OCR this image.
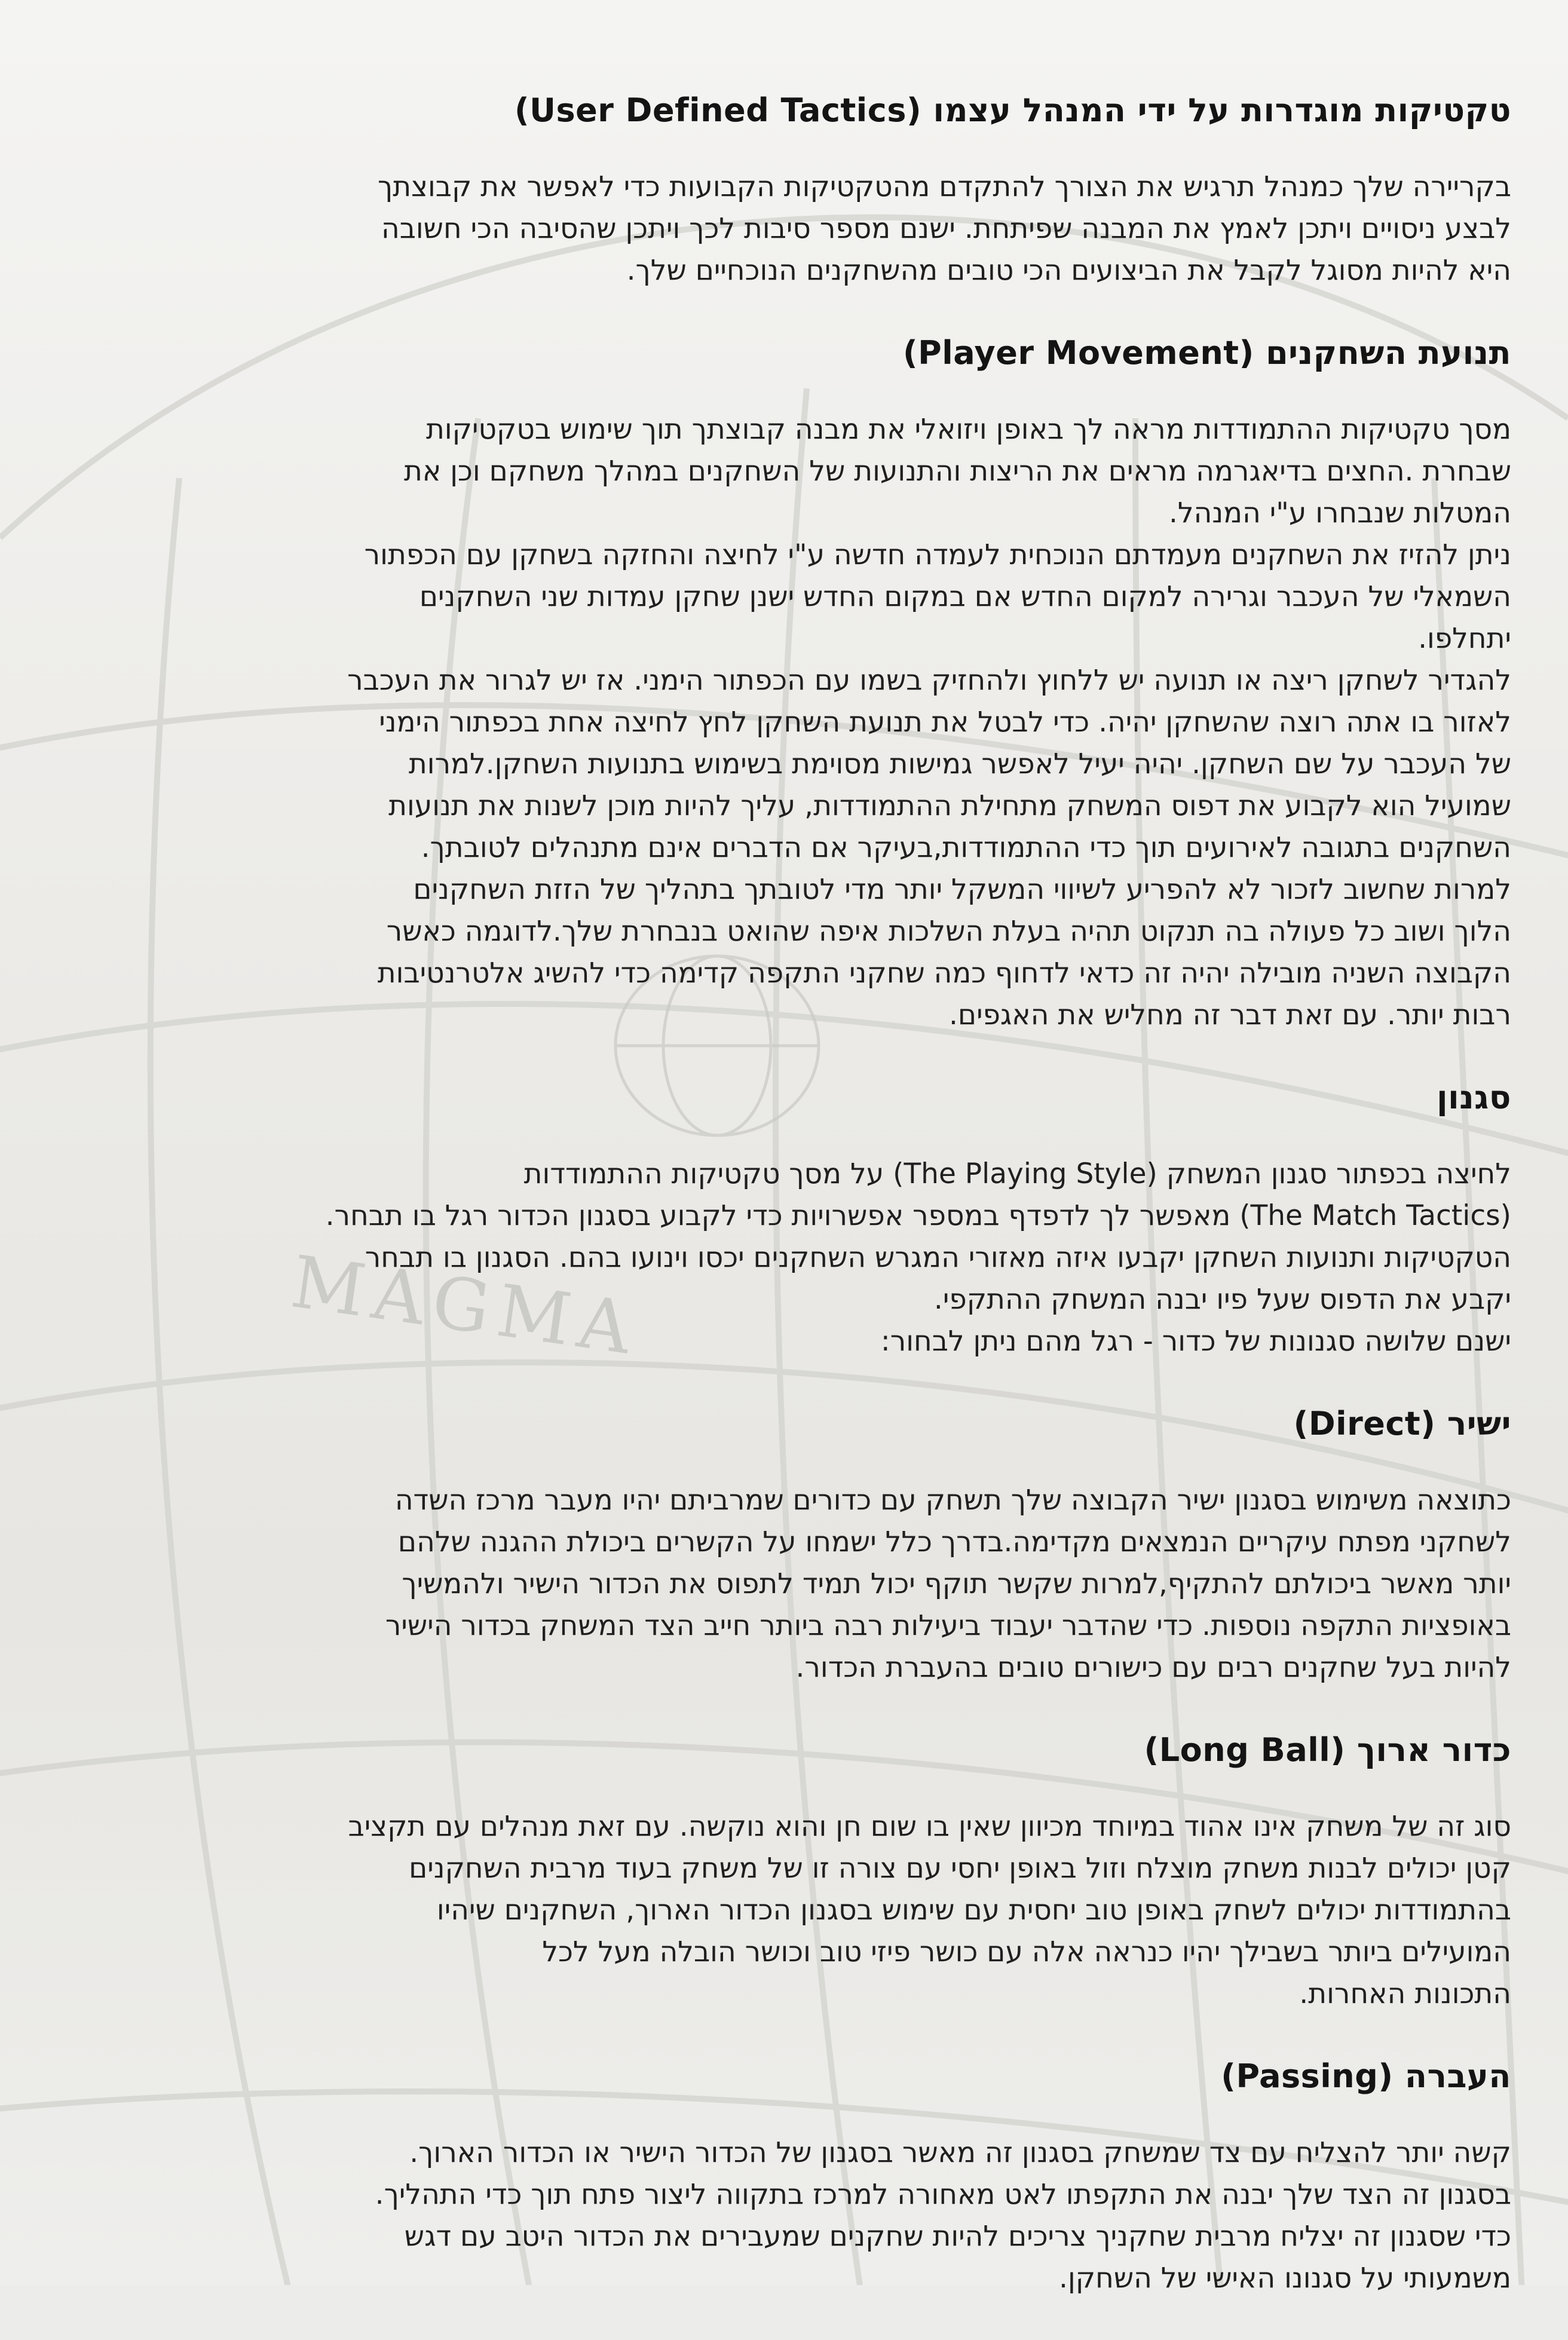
MAGMA
טקטיקות מוגדרות על ידי המנהל עצמו (User Defined Tactics)

בקריירה שלך כמנהל תרגיש את הצורך להתקדם מהטקטיקות הקבועות כדי לאפשר את קבוצתך
לבצע ניסויים ויתכן לאמץ את המבנה שפיתחת. ישנם מספר סיבות לכך ויתכן שהסיבה הכי חשובה
היא להיות מסוגל לקבל את הביצועים הכי טובים מהשחקנים הנוכחיים שלך.

תנועת השחקנים (Player Movement)

מסך טקטיקות ההתמודדות מראה לך באופן ויזואלי את מבנה קבוצתך תוך שימוש בטקטיקות
שבחרת .החצים בדיאגרמה מראים את הריצות והתנועות של השחקנים במהלך משחקם וכן את
המטלות שנבחרו ע"י המנהל.
ניתן להזיז את השחקנים מעמדתם הנוכחית לעמדה חדשה ע"י לחיצה והחזקה בשחקן עם הכפתור
השמאלי של העכבר וגרירה למקום החדש אם במקום החדש ישנן שחקן עמדות שני השחקנים
יתחלפו.
להגדיר לשחקן ריצה או תנועה יש ללחוץ ולהחזיק בשמו עם הכפתור הימני. אז יש לגרור את העכבר
לאזור בו אתה רוצה שהשחקן יהיה. כדי לבטל את תנועת השחקן לחץ לחיצה אחת בכפתור הימני
של העכבר על שם השחקן. יהיה יעיל לאפשר גמישות מסוימת בשימוש בתנועות השחקן.למרות
שמועיל הוא לקבוע את דפוס המשחק מתחילת ההתמודדות, עליך להיות מוכן לשנות את תנועות
השחקנים בתגובה לאירועים תוך כדי ההתמודדות,בעיקר אם הדברים אינם מתנהלים לטובתך.
למרות שחשוב לזכור לא להפריע לשיווי המשקל יותר מדי לטובתך בתהליך של הזזת השחקנים
הלוך ושוב כל פעולה בה תנקוט תהיה בעלת השלכות איפה שהואט בנבחרת שלך.לדוגמה כאשר
הקבוצה השניה מובילה יהיה זה כדאי לדחוף כמה שחקני התקפה קדימה כדי להשיג אלטרנטיבות
רבות יותר. עם זאת דבר זה מחליש את האגפים.

סגנון

לחיצה בכפתור סגנון המשחק (The Playing Style) על מסך טקטיקות ההתמודדות
(The Match Tactics) מאפשר לך לדפדף במספר אפשרויות כדי לקבוע בסגנון הכדור רגל בו תבחר.
הטקטיקות ותנועות השחקן יקבעו איזה מאזורי המגרש השחקנים יכסו וינועו בהם. הסגנון בו תבחר
יקבע את הדפוס שעל פיו יבנה המשחק ההתקפי.
ישנם שלושה סגנונות של כדור - רגל מהם ניתן לבחור:

ישיר (Direct)

כתוצאה משימוש בסגנון ישיר הקבוצה שלך תשחק עם כדורים שמרביתם יהיו מעבר מרכז השדה
לשחקני מפתח עיקריים הנמצאים מקדימה.בדרך כלל ישמחו על הקשרים ביכולת ההגנה שלהם
יותר מאשר ביכולתם להתקיף,למרות שקשר תוקף יכול תמיד לתפוס את הכדור הישיר ולהמשיך
באופציות התקפה נוספות. כדי שהדבר יעבוד ביעילות רבה ביותר חייב הצד המשחק בכדור הישיר
להיות בעל שחקנים רבים עם כישורים טובים בהעברת הכדור.

כדור ארוך (Long Ball)

סוג זה של משחק אינו אהוד במיוחד מכיוון שאין בו שום חן והוא נוקשה. עם זאת מנהלים עם תקציב
קטן יכולים לבנות משחק מוצלח וזול באופן יחסי עם צורה זו של משחק בעוד מרבית השחקנים
בהתמודדות יכולים לשחק באופן טוב יחסית עם שימוש בסגנון הכדור הארוך, השחקנים שיהיו
המועילים ביותר בשבילך יהיו כנראה אלה עם כושר פיזי טוב וכושר הובלה מעל לכל
התכונות האחרות.

העברה (Passing)

קשה יותר להצליח עם צד שמשחק בסגנון זה מאשר בסגנון של הכדור הישיר או הכדור הארוך.
בסגנון זה הצד שלך יבנה את התקפתו לאט מאחורה למרכז בתקווה ליצור פתח תוך כדי התהליך.
כדי שסגנון זה יצליח מרבית שחקניך צריכים להיות שחקנים שמעבירים את הכדור היטב עם דגש
משמעותי על סגנונו האישי של השחקן.
